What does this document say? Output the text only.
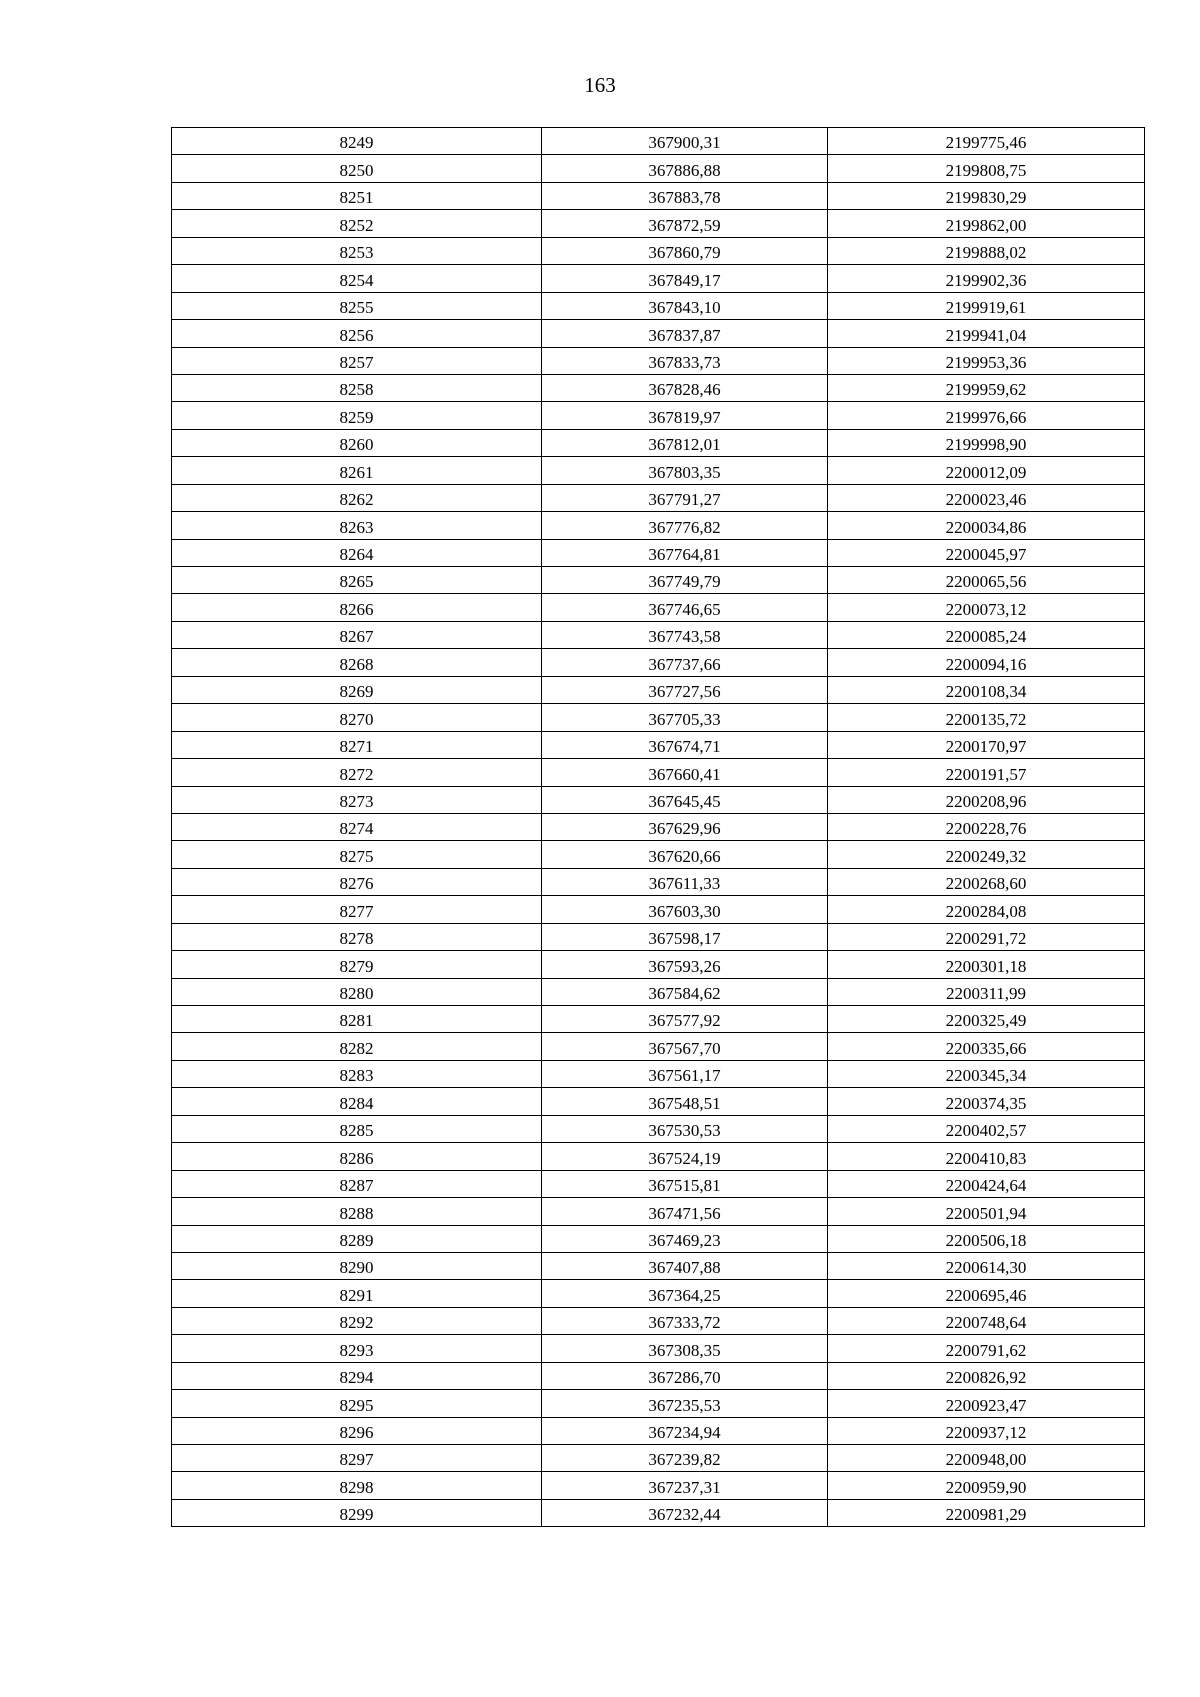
163
8249	367900,31	2199775,46
8250	367886,88	2199808,75
8251	367883,78	2199830,29
8252	367872,59	2199862,00
8253	367860,79	2199888,02
8254	367849,17	2199902,36
8255	367843,10	2199919,61
8256	367837,87	2199941,04
8257	367833,73	2199953,36
8258	367828,46	2199959,62
8259	367819,97	2199976,66
8260	367812,01	2199998,90
8261	367803,35	2200012,09
8262	367791,27	2200023,46
8263	367776,82	2200034,86
8264	367764,81	2200045,97
8265	367749,79	2200065,56
8266	367746,65	2200073,12
8267	367743,58	2200085,24
8268	367737,66	2200094,16
8269	367727,56	2200108,34
8270	367705,33	2200135,72
8271	367674,71	2200170,97
8272	367660,41	2200191,57
8273	367645,45	2200208,96
8274	367629,96	2200228,76
8275	367620,66	2200249,32
8276	367611,33	2200268,60
8277	367603,30	2200284,08
8278	367598,17	2200291,72
8279	367593,26	2200301,18
8280	367584,62	2200311,99
8281	367577,92	2200325,49
8282	367567,70	2200335,66
8283	367561,17	2200345,34
8284	367548,51	2200374,35
8285	367530,53	2200402,57
8286	367524,19	2200410,83
8287	367515,81	2200424,64
8288	367471,56	2200501,94
8289	367469,23	2200506,18
8290	367407,88	2200614,30
8291	367364,25	2200695,46
8292	367333,72	2200748,64
8293	367308,35	2200791,62
8294	367286,70	2200826,92
8295	367235,53	2200923,47
8296	367234,94	2200937,12
8297	367239,82	2200948,00
8298	367237,31	2200959,90
8299	367232,44	2200981,29
